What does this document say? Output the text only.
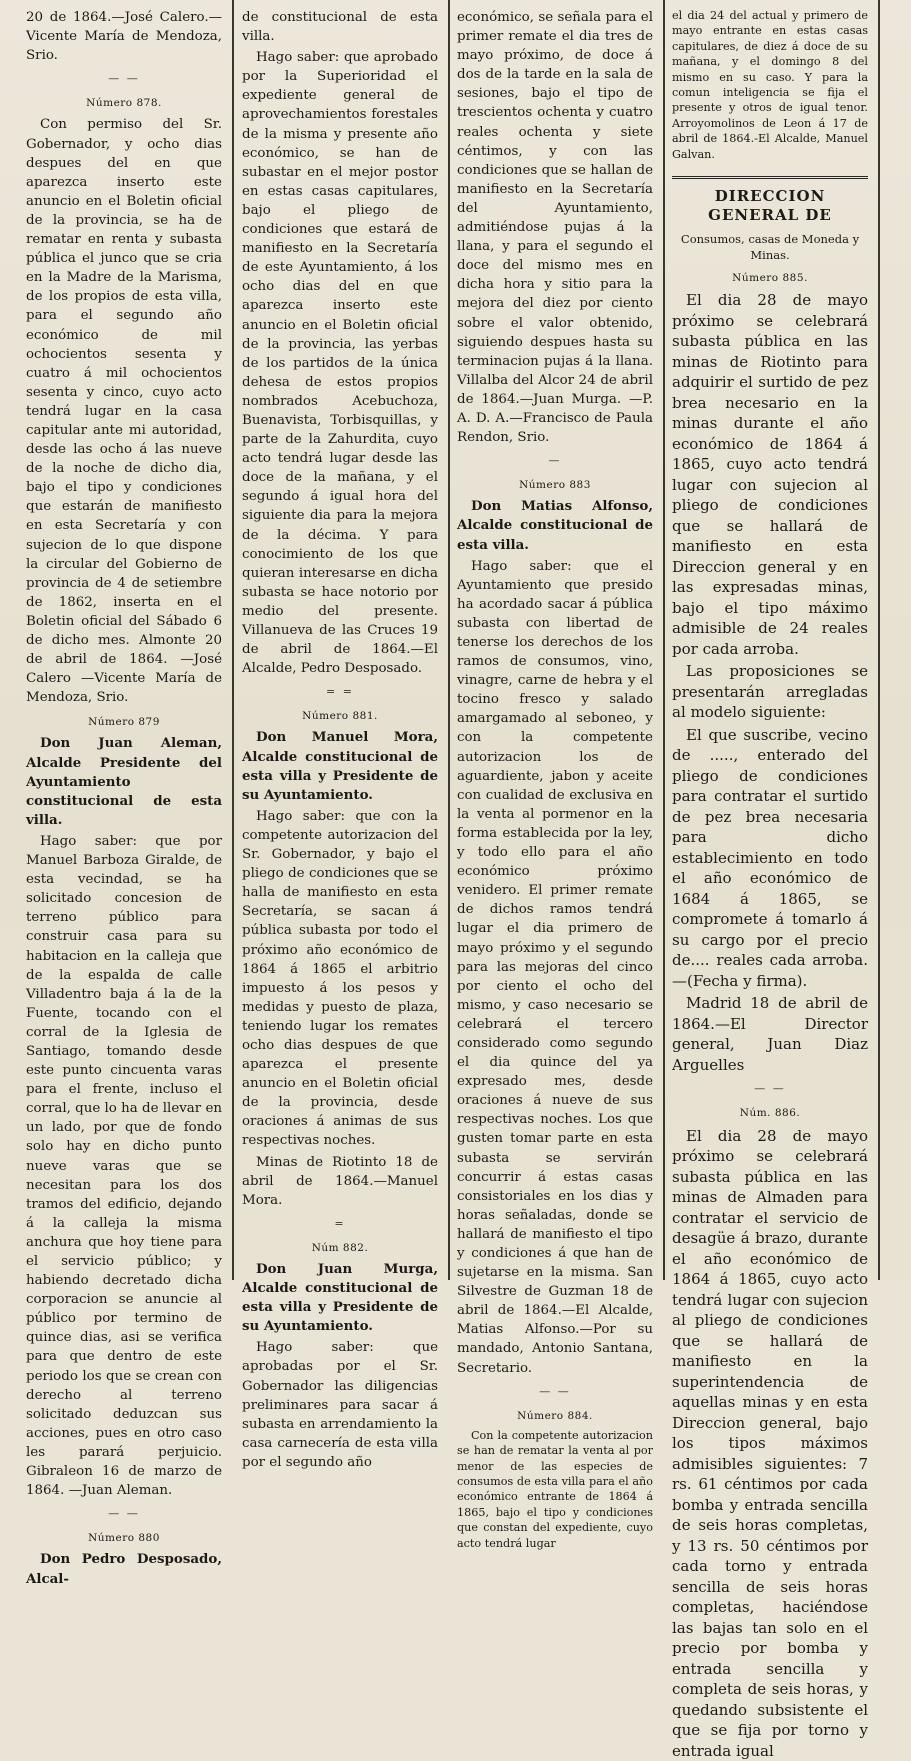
20 de 1864.—José Calero.—Vicente María de Mendoza, Srio.

— —
Número 878.

Con permiso del Sr. Gobernador, y ocho dias despues del en que aparezca inserto este anuncio en el Boletin oficial de la provincia, se ha de rematar en renta y subasta pública el junco que se cria en la Madre de la Marisma, de los propios de esta villa, para el segundo año económico de mil ochocientos sesenta y cuatro á mil ochocientos sesenta y cinco, cuyo acto tendrá lugar en la casa capitular ante mi autoridad, desde las ocho á las nueve de la noche de dicho dia, bajo el tipo y condiciones que estarán de manifiesto en esta Secretaría y con sujecion de lo que dispone la circular del Gobierno de provincia de 4 de setiembre de 1862, inserta en el Boletin oficial del Sábado 6 de dicho mes. Almonte 20 de abril de 1864. —José Calero —Vicente María de Mendoza, Srio.

Número 879

Don Juan Aleman, Alcalde Presidente del Ayuntamiento constitucional de esta villa.

Hago saber: que por Manuel Barboza Giralde, de esta vecindad, se ha solicitado concesion de terreno público para construir casa para su habitacion en la calleja que de la espalda de calle Villadentro baja á la de la Fuente, tocando con el corral de la Iglesia de Santiago, tomando desde este punto cincuenta varas para el frente, incluso el corral, que lo ha de llevar en un lado, por que de fondo solo hay en dicho punto nueve varas que se necesitan para los dos tramos del edificio, dejando á la calleja la misma anchura que hoy tiene para el servicio público; y habiendo decretado dicha corporacion se anuncie al público por termino de quince dias, asi se verifica para que dentro de este periodo los que se crean con derecho al terreno solicitado deduzcan sus acciones, pues en otro caso les parará perjuicio. Gibraleon 16 de marzo de 1864. —Juan Aleman.

— —
Número 880

Don Pedro Desposado, Alcal-

de constitucional de esta villa.

Hago saber: que aprobado por la Superioridad el expediente general de aprovechamientos forestales de la misma y presente año económico, se han de subastar en el mejor postor en estas casas capitulares, bajo el pliego de condiciones que estará de manifiesto en la Secretaría de este Ayuntamiento, á los ocho dias del en que aparezca inserto este anuncio en el Boletin oficial de la provincia, las yerbas de los partidos de la única dehesa de estos propios nombrados Acebuchoza, Buenavista, Torbisquillas, y parte de la Zahurdita, cuyo acto tendrá lugar desde las doce de la mañana, y el segundo á igual hora del siguiente dia para la mejora de la décima. Y para conocimiento de los que quieran interesarse en dicha subasta se hace notorio por medio del presente. Villanueva de las Cruces 19 de abril de 1864.—El Alcalde, Pedro Desposado.

= =
Número 881.

Don Manuel Mora, Alcalde constitucional de esta villa y Presidente de su Ayuntamiento.

Hago saber: que con la competente autorizacion del Sr. Gobernador, y bajo el pliego de condiciones que se halla de manifiesto en esta Secretaría, se sacan á pública subasta por todo el próximo año económico de 1864 á 1865 el arbitrio impuesto á los pesos y medidas y puesto de plaza, teniendo lugar los remates ocho dias despues de que aparezca el presente anuncio en el Boletin oficial de la provincia, desde oraciones á animas de sus respectivas noches.

Minas de Riotinto 18 de abril de 1864.—Manuel Mora.

=
Núm 882.

Don Juan Murga, Alcalde constitucional de esta villa y Presidente de su Ayuntamiento.

Hago saber: que aprobadas por el Sr. Gobernador las diligencias preliminares para sacar á subasta en arrendamiento la casa carnecería de esta villa por el segundo año

económico, se señala para el primer remate el dia tres de mayo próximo, de doce á dos de la tarde en la sala de sesiones, bajo el tipo de trescientos ochenta y cuatro reales ochenta y siete céntimos, y con las condiciones que se hallan de manifiesto en la Secretaría del Ayuntamiento, admitiéndose pujas á la llana, y para el segundo el doce del mismo mes en dicha hora y sitio para la mejora del diez por ciento sobre el valor obtenido, siguiendo despues hasta su terminacion pujas á la llana. Villalba del Alcor 24 de abril de 1864.—Juan Murga. —P. A. D. A.—Francisco de Paula Rendon, Srio.

—
Número 883

Don Matias Alfonso, Alcalde constitucional de esta villa.

Hago saber: que el Ayuntamiento que presido ha acordado sacar á pública subasta con libertad de tenerse los derechos de los ramos de consumos, vino, vinagre, carne de hebra y el tocino fresco y salado amargamado al seboneo, y con la competente autorizacion los de aguardiente, jabon y aceite con cualidad de exclusiva en la venta al pormenor en la forma establecida por la ley, y todo ello para el año económico próximo venidero. El primer remate de dichos ramos tendrá lugar el dia primero de mayo próximo y el segundo para las mejoras del cinco por ciento el ocho del mismo, y caso necesario se celebrará el tercero considerado como segundo el dia quince del ya expresado mes, desde oraciones á nueve de sus respectivas noches. Los que gusten tomar parte en esta subasta se servirán concurrir á estas casas consistoriales en los dias y horas señaladas, donde se hallará de manifiesto el tipo y condiciones á que han de sujetarse en la misma. San Silvestre de Guzman 18 de abril de 1864.—El Alcalde, Matias Alfonso.—Por su mandado, Antonio Santana, Secretario.

— —
Número 884.

Con la competente autorizacion se han de rematar la venta al por menor de las especies de consumos de esta villa para el año económico entrante de 1864 á 1865, bajo el tipo y condiciones que constan del expediente, cuyo acto tendrá lugar

el dia 24 del actual y primero de mayo entrante en estas casas capitulares, de diez á doce de su mañana, y el domingo 8 del mismo en su caso. Y para la comun inteligencia se fija el presente y otros de igual tenor. Arroyomolinos de Leon á 17 de abril de 1864.-El Alcalde, Manuel Galvan.

DIRECCION GENERAL DE
Consumos, casas de Moneda y Minas.
Número 885.

El dia 28 de mayo próximo se celebrará subasta pública en las minas de Riotinto para adquirir el surtido de pez brea necesario en la minas durante el año económico de 1864 á 1865, cuyo acto tendrá lugar con sujecion al pliego de condiciones que se hallará de manifiesto en esta Direccion general y en las expresadas minas, bajo el tipo máximo admisible de 24 reales por cada arroba.

Las proposiciones se presentarán arregladas al modelo siguiente:

El que suscribe, vecino de ....., enterado del pliego de condiciones para contratar el surtido de pez brea necesaria para dicho establecimiento en todo el año económico de 1684 á 1865, se compromete á tomarlo á su cargo por el precio de.... reales cada arroba.—(Fecha y firma).

Madrid 18 de abril de 1864.—El Director general, Juan Diaz Arguelles

— —
Núm. 886.

El dia 28 de mayo próximo se celebrará subasta pública en las minas de Almaden para contratar el servicio de desagüe á brazo, durante el año económico de 1864 á 1865, cuyo acto tendrá lugar con sujecion al pliego de condiciones que se hallará de manifiesto en la superintendencia de aquellas minas y en esta Direccion general, bajo los tipos máximos admisibles siguientes: 7 rs. 61 céntimos por cada bomba y entrada sencilla de seis horas completas, y 13 rs. 50 céntimos por cada torno y entrada sencilla de seis horas completas, haciéndose las bajas tan solo en el precio por bomba y entrada sencilla y completa de seis horas, y quedando subsistente el que se fija por torno y entrada igual
